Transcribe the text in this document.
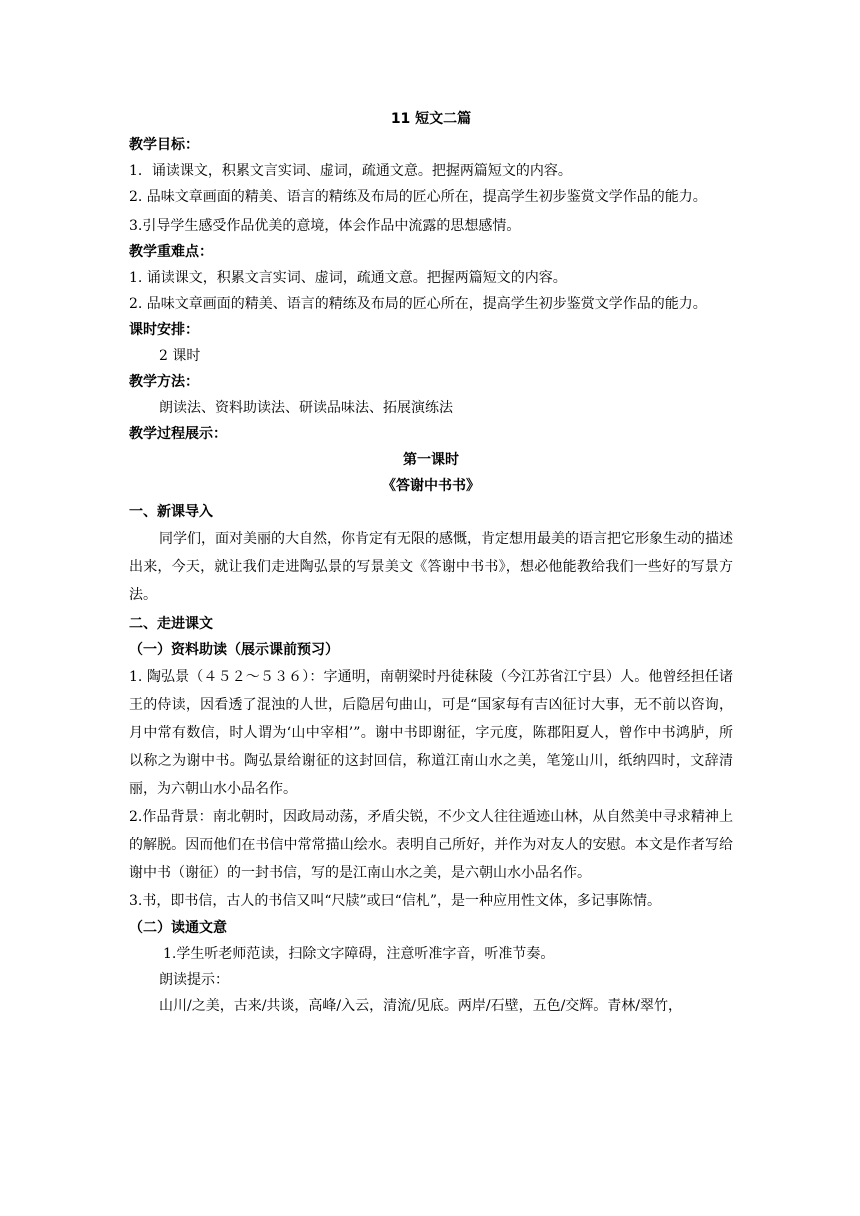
11 短文二篇
教学目标：
1．诵读课文，积累文言实词、虚词，疏通文意。把握两篇短文的内容。
2. 品味文章画面的精美、语言的精练及布局的匠心所在，提高学生初步鉴赏文学作品的能力。
3.引导学生感受作品优美的意境，体会作品中流露的思想感情。
教学重难点：
1. 诵读课文，积累文言实词、虚词，疏通文意。把握两篇短文的内容。
2. 品味文章画面的精美、语言的精练及布局的匠心所在，提高学生初步鉴赏文学作品的能力。
课时安排：
2 课时
教学方法：
朗读法、资料助读法、研读品味法、拓展演练法
教学过程展示：
第一课时
《答谢中书书》
一、新课导入
同学们，面对美丽的大自然，你肯定有无限的感慨，肯定想用最美的语言把它形象生动的描述出来，今天，就让我们走进陶弘景的写景美文《答谢中书书》，想必他能教给我们一些好的写景方法。
二、走进课文
（一）资料助读（展示课前预习）
1. 陶弘景（４５２～５３６）：字通明，南朝梁时丹徒秣陵（今江苏省江宁县）人。他曾经担任诸王的侍读，因看透了混浊的人世，后隐居句曲山，可是“国家每有吉凶征讨大事，无不前以咨询，月中常有数信，时人谓为‘山中宰相’”。谢中书即谢征，字元度，陈郡阳夏人，曾作中书鸿胪，所以称之为谢中书。陶弘景给谢征的这封回信，称道江南山水之美，笔笼山川，纸纳四时，文辞清丽，为六朝山水小品名作。
2.作品背景：南北朝时，因政局动荡，矛盾尖锐，不少文人往往遁迹山林，从自然美中寻求精神上的解脱。因而他们在书信中常常描山绘水。表明自己所好，并作为对友人的安慰。本文是作者写给谢中书（谢征）的一封书信，写的是江南山水之美，是六朝山水小品名作。
3.书，即书信，古人的书信又叫“尺牍”或曰“信札”，是一种应用性文体，多记事陈情。
（二）读通文意
1.学生听老师范读，扫除文字障碍，注意听准字音，听准节奏。
朗读提示：
山川/之美，古来/共谈，高峰/入云，清流/见底。两岸/石壁，五色/交辉。青林/翠竹，
